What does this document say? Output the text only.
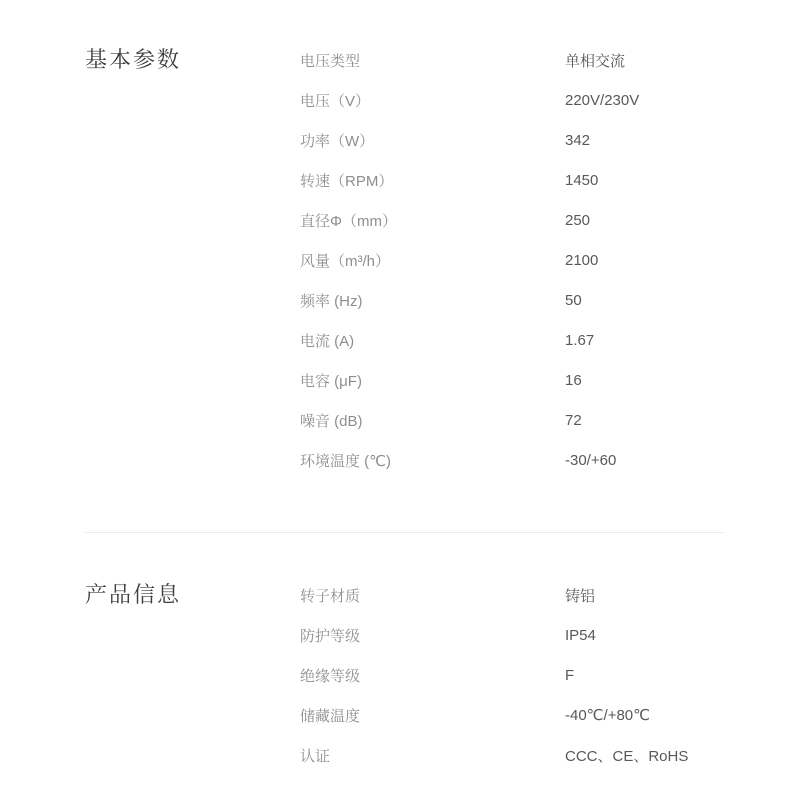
基本参数	电压类型	单相交流
电压（V）	220V/230V
功率（W）	342
转速（RPM）	1450
直径Φ（mm）	250
风量（m³/h）	2100
频率 (Hz)	50
电流 (A)	1.67
电容 (μF)	16
噪音 (dB)	72
环境温度 (℃)	-30/+60
产品信息	转子材质	铸铝
防护等级	IP54
绝缘等级	F
储藏温度	-40℃/+80℃
认证	CCC、CE、RoHS
